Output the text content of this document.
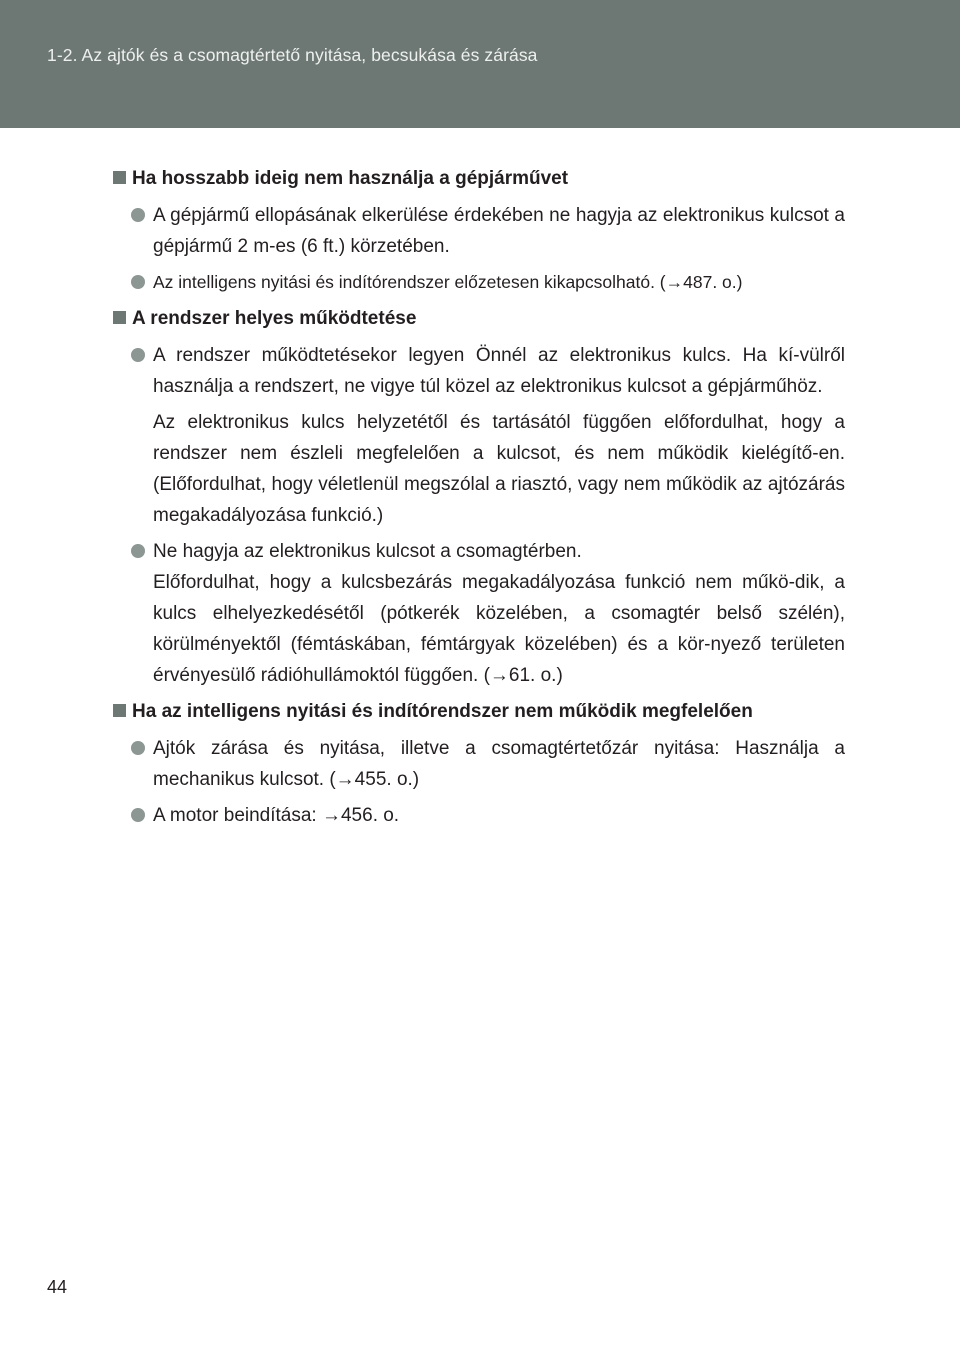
1-2. Az ajtók és a csomagtértető nyitása, becsukása és zárása
Ha hosszabb ideig nem használja a gépjárművet
A gépjármű ellopásának elkerülése érdekében ne hagyja az elektronikus kulcsot a gépjármű 2 m-es (6 ft.) körzetében.
Az intelligens nyitási és indítórendszer előzetesen kikapcsolható. (→487. o.)
A rendszer helyes működtetése
A rendszer működtetésekor legyen Önnél az elektronikus kulcs. Ha kí-vülről használja a rendszert, ne vigye túl közel az elektronikus kulcsot a gépjárműhöz.
Az elektronikus kulcs helyzetétől és tartásától függően előfordulhat, hogy a rendszer nem észleli megfelelően a kulcsot, és nem működik kielégítő-en. (Előfordulhat, hogy véletlenül megszólal a riasztó, vagy nem működik az ajtózárás megakadályozása funkció.)
Ne hagyja az elektronikus kulcsot a csomagtérben.
Előfordulhat, hogy a kulcsbezárás megakadályozása funkció nem műkö-dik, a kulcs elhelyezkedésétől (pótkerék közelében, a csomagtér belső szélén), körülményektől (fémtáskában, fémtárgyak közelében) és a kör-nyező területen érvényesülő rádióhullámoktól függően. (→61. o.)
Ha az intelligens nyitási és indítórendszer nem működik megfelelően
Ajtók zárása és nyitása, illetve a csomagtértetőzár nyitása: Használja a mechanikus kulcsot. (→455. o.)
A motor beindítása: →456. o.
44
